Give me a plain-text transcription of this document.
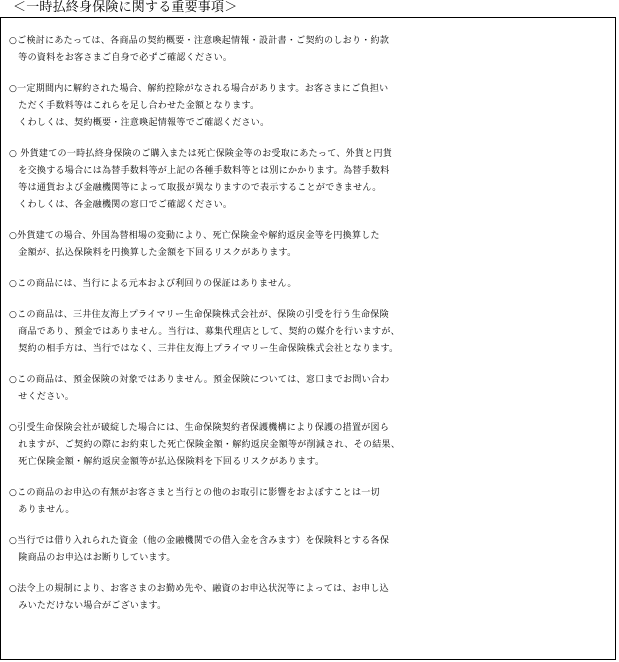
＜一時払終身保険に関する重要事項＞
○ご検討にあたっては、各商品の契約概要・注意喚起情報・設計書・ご契約のしおり・約款
　等の資料をお客さまご自身で必ずご確認ください。
○一定期間内に解約された場合、解約控除がなされる場合があります。お客さまにご負担い
　ただく手数料等はこれらを足し合わせた金額となります。
　くわしくは、契約概要・注意喚起情報等でご確認ください。
○ 外貨建ての一時払終身保険のご購入または死亡保険金等のお受取にあたって、外貨と円貨
　を交換する場合には為替手数料等が上記の各種手数料等とは別にかかります。為替手数料
　等は通貨および金融機関等によって取扱が異なりますので表示することができません。
　くわしくは、各金融機関の窓口でご確認ください。
○外貨建ての場合、外国為替相場の変動により、死亡保険金や解約返戻金等を円換算した
　金額が、払込保険料を円換算した金額を下回るリスクがあります。
○この商品には、当行による元本および利回りの保証はありません。
○この商品は、三井住友海上プライマリー生命保険株式会社が、保険の引受を行う生命保険
　商品であり、預金ではありません。当行は、募集代理店として、契約の媒介を行いますが、
　契約の相手方は、当行ではなく、三井住友海上プライマリー生命保険株式会社となります。
○この商品は、預金保険の対象ではありません。預金保険については、窓口までお問い合わ
　せください。
○引受生命保険会社が破綻した場合には、生命保険契約者保護機構により保護の措置が図ら
　れますが、ご契約の際にお約束した死亡保険金額・解約返戻金額等が削減され、その結果、
　死亡保険金額・解約返戻金額等が払込保険料を下回るリスクがあります。
○この商品のお申込の有無がお客さまと当行との他のお取引に影響をおよぼすことは一切
　ありません。
○当行では借り入れられた資金（他の金融機関での借入金を含みます）を保険料とする各保
　険商品のお申込はお断りしています。
○法令上の規制により、お客さまのお勤め先や、融資のお申込状況等によっては、お申し込
　みいただけない場合がございます。
